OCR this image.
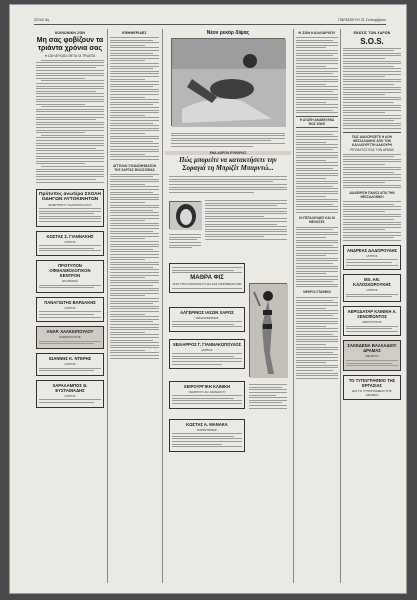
ΣΕΛΙΣ 8η	ΠΑΡΑΣΚΕΥΗ 21 Σεπτεμβρίου
ΚΟΙΝΩΝΙΚΗ ΖΩΗ
Μη σας φοβίζουν τα τριάντα χρόνια σας
Η ΖΩΗ ΑΡΧΙΖΕΙ ΜΕΤΑ ΤΑ ΤΡΙΑΝΤΑ
Πρότυπος ανωτέρα ΣΧΟΛΗ ΟΔΗΓΩΝ ΑΥΤΟΚΙΝΗΤΩΝ
ΔΗΜΗΤΡΙΟΥ ΧΑΛΚΙΟΠΟΥΛΟΥ
ΚΩΣΤΑΣ Σ. ΓΙΑΝΝΑΚΗΣ
ΙΑΤΡΟΣ
ΠΡΟΤΥΠΟΝ ΟΦΘΑΛΜΟΛΟΓΙΚΟΝ ΚΕΝΤΡΟΝ
ΕΝ ΔΡΑΜΑ
ΠΑΝΑΓΙΩΤΗΣ ΒΑΡΔΑΚΗΣ
ΙΑΤΡΟΣ
ΑΝΑΡ. ΧΑΛΚΙΟΠΟΥΛΟΥ
ΚΑΡΔΙΟΛΟΓΟΣ
ΙΩΑΝΝΗΣ Κ. ΝΤΕΡΗΣ
ΙΑΤΡΟΣ
ΧΑΡΑΛΑΜΠΟΣ Θ. ΕΥΣΤΑΘΙΑΔΗΣ
ΙΑΤΡΟΣ
ΕΦΗΜΕΡΙΔΕΣ
ΑΓΓΕΛΙΑΙ ΣΥΝΑΙΣΘΗΜΑΤΩΝ ΤΗΣ ΧΑΡΤΑΣ ΦΙΛΟΣΟΦΙΑΣ
Νέον ρεκόρ δίψας
ΕΝΑ ΔΩΡΟΝ ΕΥΦΟΡΙΑΣ
Πώς μπορείτε να κατακτήσετε την Σοραγιά τη Μπριζίτ Μπαρντώ...
ΜΑΘΡΑ ΦΙΣ
ΑΠΟ ΤΗΝ ΠΑΡΑΣΚΕΥΗ ΘΑ ΣΑΣ ΠΕΡΙΜΕΝΟΥΜΕ
ΑΛΓΕΡΙΝΟΣ ΙΑΣΩΝ ΧΑΡΟΣ
ΔΙΑΚΟΣΜΗΣΕΙΣ
ΧΕΙΛΑΡΡΟΣ Γ. ΓΙΑΝΝΑΚΟΠΟΥΛΟΣ
ΙΑΤΡΟΣ
ΧΕΙΡΟΥΡΓΙΚΗ ΚΛΙΝΙΚΗ
ΓΕΩΡΓΙΟΥ ΑΝ. ΜΑΝΑΚΟΥ
ΚΩΣΤΑΣ Α. ΜΑΝΑΚΑ
ΠΑΡΑΙΤΗΣΕΙΣ
Η ΖΩΗ ΚΑΛΛΙΑΡΧΟΥ
Η ΑΓΑΠΗ ΑΝΑΒΕΙ ΕΝΑ ΦΩΣ ΖΩΗΣ
ΟΙ ΠΕΤΑΛΟΥΔΕΣ ΚΑΙ ΟΙ ΜΕΛΙΣΣΕΣ
ΝΕΚΡΟΙ ΣΤΑΘΜΟΙ
ΕΝΩΣΙΣ ΤΩΝ ΧΑΡΩΝ
S.O.S.
ΠΩΣ ΔΙΑΧΩΡΙΖΕΤΕ Η ΑΟΗ ΘΕΣΣΑΛΙΑΝΗΣ ΑΠΟ ΤΟΝ ΚΑΛΛΙΟΥΡΓΙΤΗ ΔΑΚΟΥΡΗ
ΡΕΥΜΑΤΟΣ ΕΩΣ ΤΗΝ ΔΡΑΜΑ
ΔΙΑΧΕΙΡΙΣΗ ΠΑΝΟΣ ΑΠΟ ΤΗΝ ΘΕΣΣΑΛΟΝΙΚΗ
ΑΝΔΡΕΑΣ ΔΑΔΟΡΟΥΛΗΣ
ΙΑΤΡΟΣ
ΜΧ. ΑΝ. ΚΑΛΟΣΚΟΡΟΥΚΗΣ
ΙΑΤΡΟΣ
ΑΕΡΟΔΑΤΑΡ ΚΛΙΝΙΚΗ Λ. ΞΕΝΟΦΩΝΤΟΣ
ΧΕΙΡΟΥΡΓΟΣ
ΣΑΚΕΔΕΝΑ ΒΑΛΛΑΔΙΟΥ ΔΡΑΜΑΣ
ΜΕΛΕΤΗ
ΤΟ ΤΥΠΟΓΡΑΦΕΙΟ ΤΗΣ ΕΡΓΑΣΙΑΣ
ΕΙΣ ΤΟ ΤΥΠΟΓΡΑΦΕΙΟ ΤΗΣ ΔΡΑΜΑΣ
